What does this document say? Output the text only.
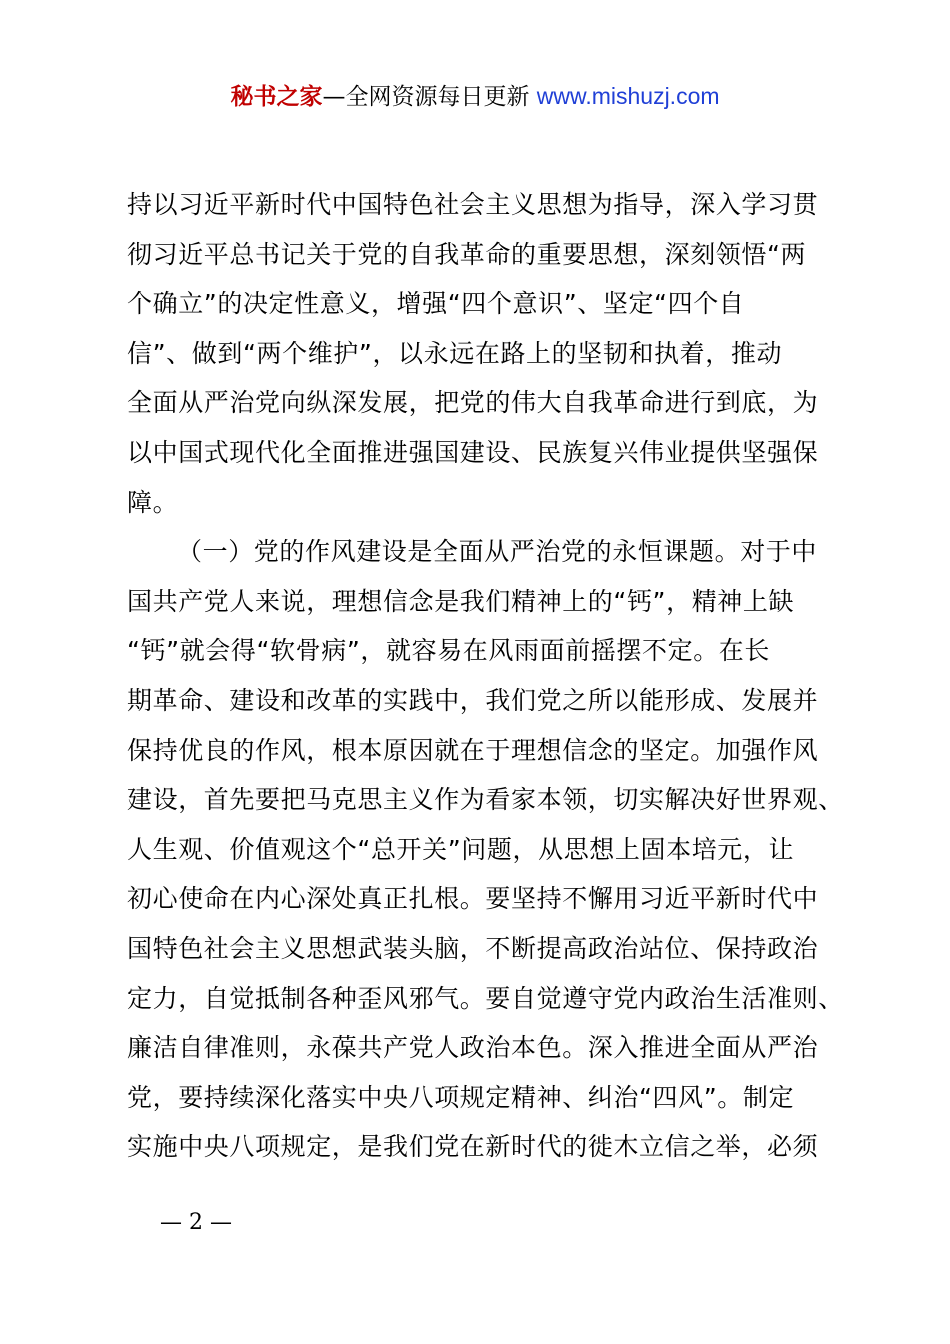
秘书之家—全网资源每日更新 www.mishuzj.com
持以习近平新时代中国特色社会主义思想为指导，深入学习贯
彻习近平总书记关于党的自我革命的重要思想，深刻领悟“两
个确立”的决定性意义，增强“四个意识”、坚定“四个自
信”、做到“两个维护”，以永远在路上的坚韧和执着，推动
全面从严治党向纵深发展，把党的伟大自我革命进行到底，为
以中国式现代化全面推进强国建设、民族复兴伟业提供坚强保
障。
（一）党的作风建设是全面从严治党的永恒课题。对于中
国共产党人来说，理想信念是我们精神上的“钙”，精神上缺
“钙”就会得“软骨病”，就容易在风雨面前摇摆不定。在长
期革命、建设和改革的实践中，我们党之所以能形成、发展并
保持优良的作风，根本原因就在于理想信念的坚定。加强作风
建设，首先要把马克思主义作为看家本领，切实解决好世界观、
人生观、价值观这个“总开关”问题，从思想上固本培元，让
初心使命在内心深处真正扎根。要坚持不懈用习近平新时代中
国特色社会主义思想武装头脑，不断提高政治站位、保持政治
定力，自觉抵制各种歪风邪气。要自觉遵守党内政治生活准则、
廉洁自律准则，永葆共产党人政治本色。深入推进全面从严治
党，要持续深化落实中央八项规定精神、纠治“四风”。制定
实施中央八项规定，是我们党在新时代的徙木立信之举，必须
— 2 —
